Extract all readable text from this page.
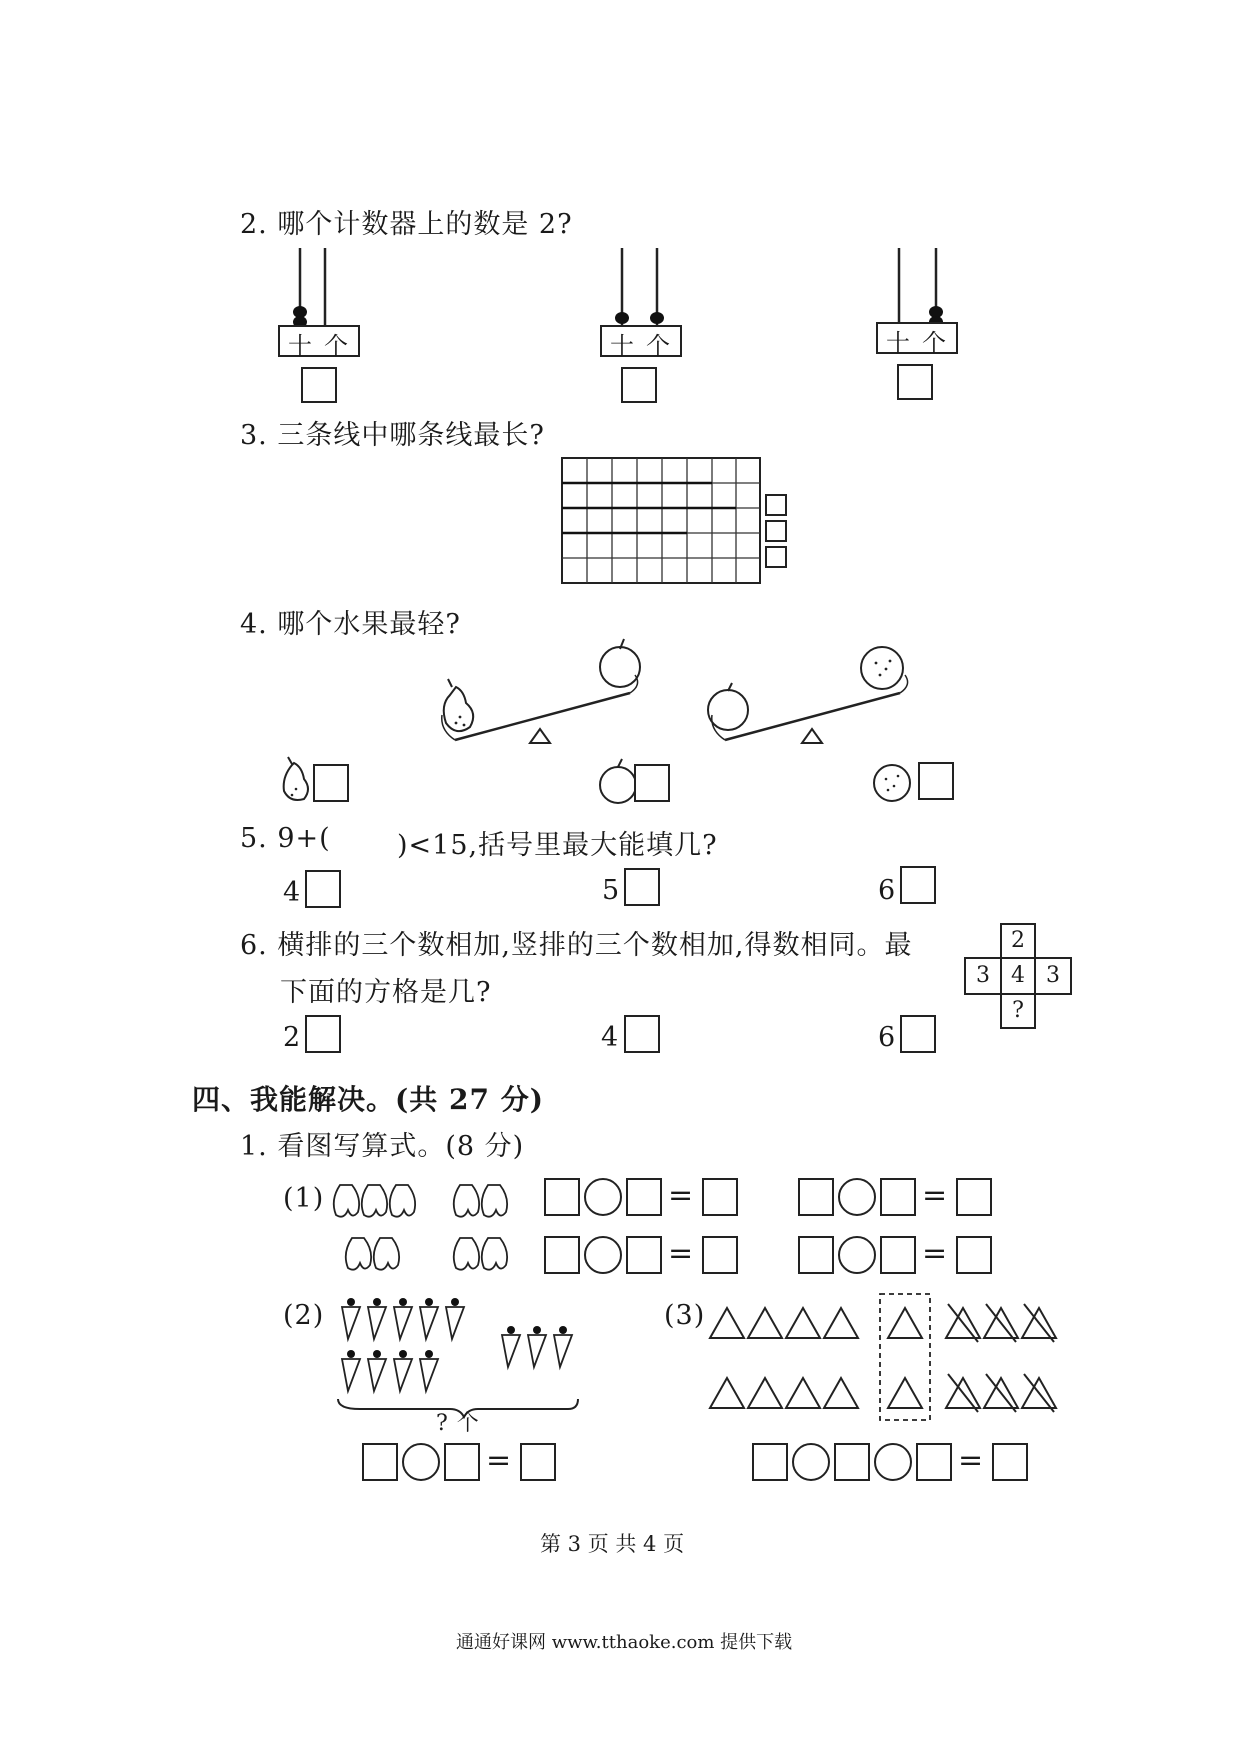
2. 哪个计数器上的数是 2?
十 个	十 个	十 个
3. 三条线中哪条线最长?
4. 哪个水果最轻?
5. 9+( )<15,括号里最大能填几?
4	5	6
6. 横排的三个数相加,竖排的三个数相加,得数相同。最
下面的方格是几?
2
3 4 3
?
2	4	6
四、我能解决。(共 27 分)
1. 看图写算式。(8 分)
(1)	=	=
=	=
(2)
? 个
=
(3)
=
第 3 页 共 4 页
通通好课网 www.tthaoke.com 提供下载
